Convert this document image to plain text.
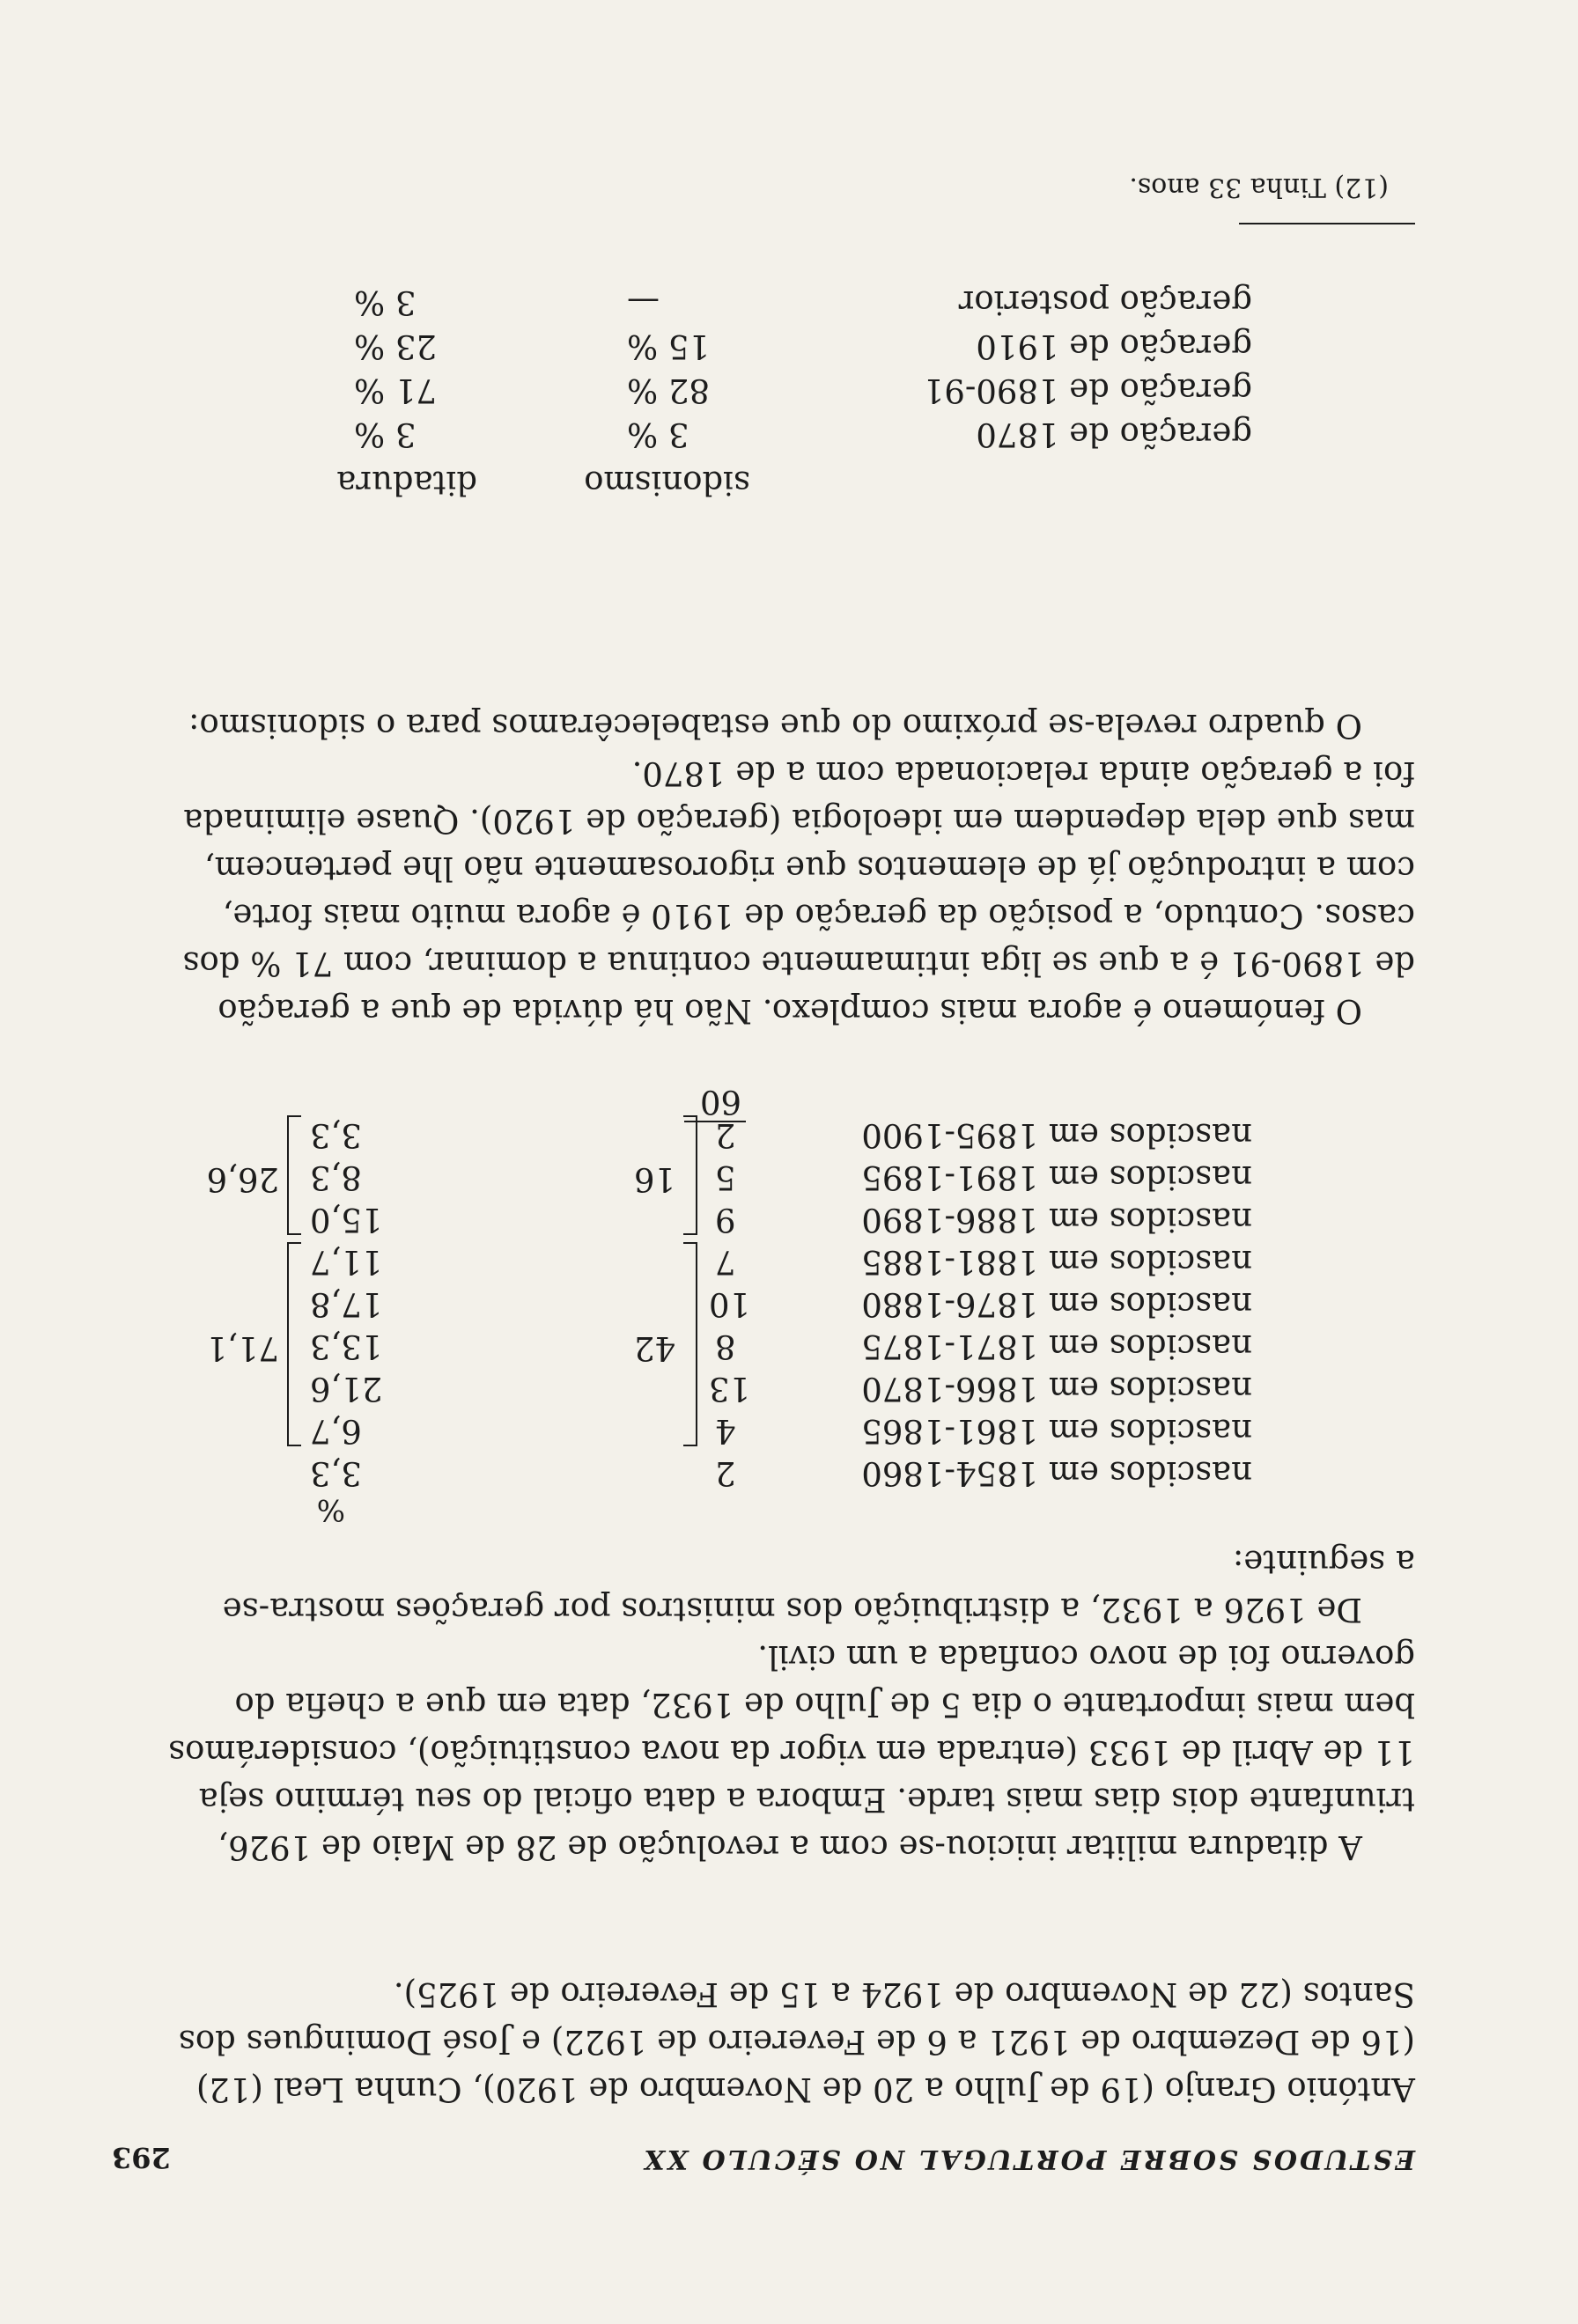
ESTUDOS SOBRE PORTUGAL NO SÉCULO XX
293

António Granjo (19 de Julho a 20 de Novembro de 1920), Cunha Leal (12)

(16 de Dezembro de 1921 a 6 de Fevereiro de 1922) e José Domingues dos

Santos (22 de Novembro de 1924 a 15 de Fevereiro de 1925).

A ditadura militar iniciou-se com a revolução de 28 de Maio de 1926,

triunfante dois dias mais tarde. Embora a data oficial do seu término seja

11 de Abril de 1933 (entrada em vigor da nova constituição), considerámos

bem mais importante o dia 5 de Julho de 1932, data em que a chefia do

governo foi de novo confiada a um civil.

De 1926 a 1932, a distribuição dos ministros por gerações mostra-se

a seguinte:

%
nascidos em 1854-1860
2
3,3
nascidos em 1861-1865
4
6,7
nascidos em 1866-1870
13
21,6
nascidos em 1871-1875
8
13,3
nascidos em 1876-1880
10
17,8
nascidos em 1881-1885
7
11,7
nascidos em 1886-1890
9
15,0
nascidos em 1891-1895
5
8,3
nascidos em 1895-1900
2
3,3
42
71,1
16
26,6
60

O fenómeno é agora mais complexo. Não há dúvida de que a geração

de 1890-91 é a que se liga intimamente continua a dominar, com 71 % dos

casos. Contudo, a posição da geração de 1910 é agora muito mais forte,

com a introdução já de elementos que rigorosamente não lhe pertencem,

mas que dela dependem em ideologia (geração de 1920). Quase eliminada

foi a geração ainda relacionada com a de 1870.

O quadro revela-se próximo do que estabelecêramos para o sidonismo:

sidonismo
ditadura
geração de 1870
3 %
3 %
geração de 1890-91
82 %
71 %
geração de 1910
15 %
23 %
geração posterior
—
3 %
(12) Tinha 33 anos.
